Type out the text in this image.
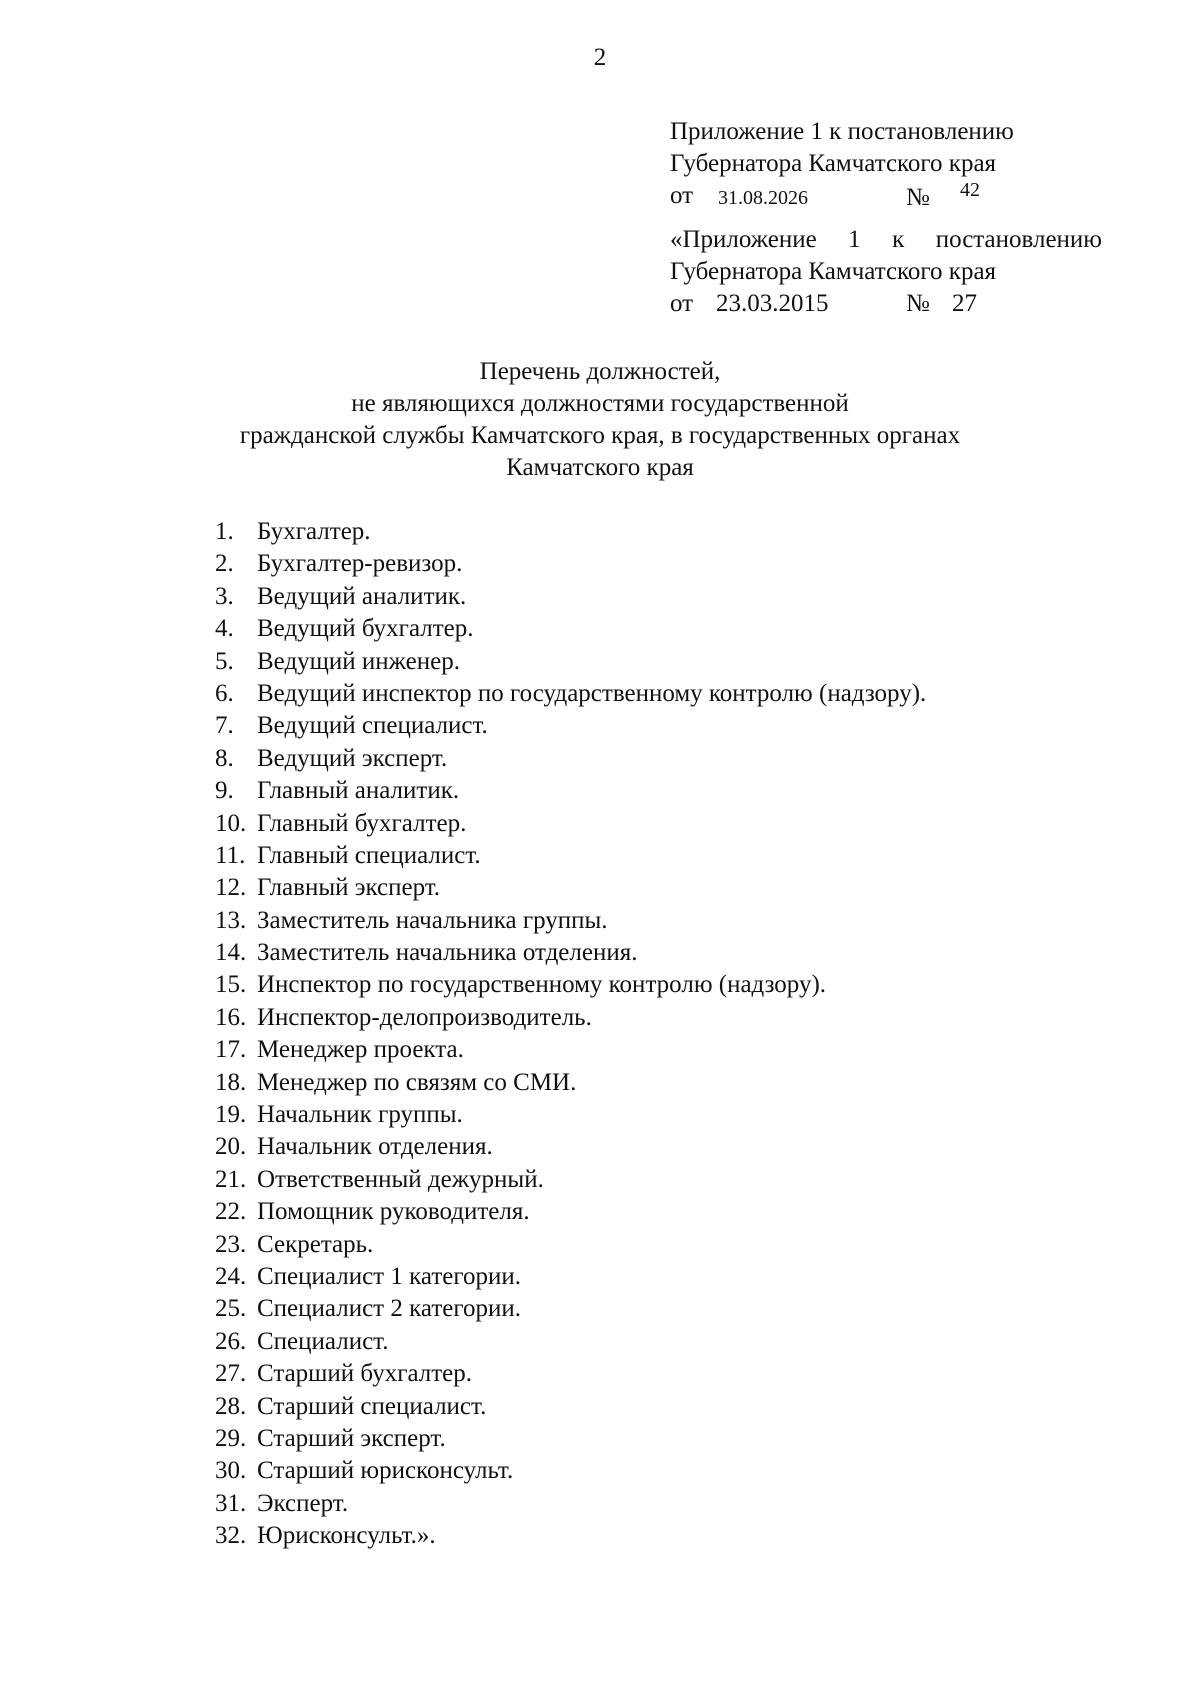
2
Приложение 1 к постановлению
Губернатора Камчатского края
от 31.08.2026	№ 42
«Приложение 1 к постановлению
Губернатора Камчатского края
от 23.03.2015	№ 27
Перечень должностей,
не являющихся должностями государственной
гражданской службы Камчатского края, в государственных органах
Камчатского края
1. Бухгалтер.
2. Бухгалтер-ревизор.
3. Ведущий аналитик.
4. Ведущий бухгалтер.
5. Ведущий инженер.
6. Ведущий инспектор по государственному контролю (надзору).
7. Ведущий специалист.
8. Ведущий эксперт.
9. Главный аналитик.
10. Главный бухгалтер.
11. Главный специалист.
12. Главный эксперт.
13. Заместитель начальника группы.
14. Заместитель начальника отделения.
15. Инспектор по государственному контролю (надзору).
16. Инспектор-делопроизводитель.
17. Менеджер проекта.
18. Менеджер по связям со СМИ.
19. Начальник группы.
20. Начальник отделения.
21. Ответственный дежурный.
22. Помощник руководителя.
23. Секретарь.
24. Специалист 1 категории.
25. Специалист 2 категории.
26. Специалист.
27. Старший бухгалтер.
28. Старший специалист.
29. Старший эксперт.
30. Старший юрисконсульт.
31. Эксперт.
32. Юрисконсульт.».
